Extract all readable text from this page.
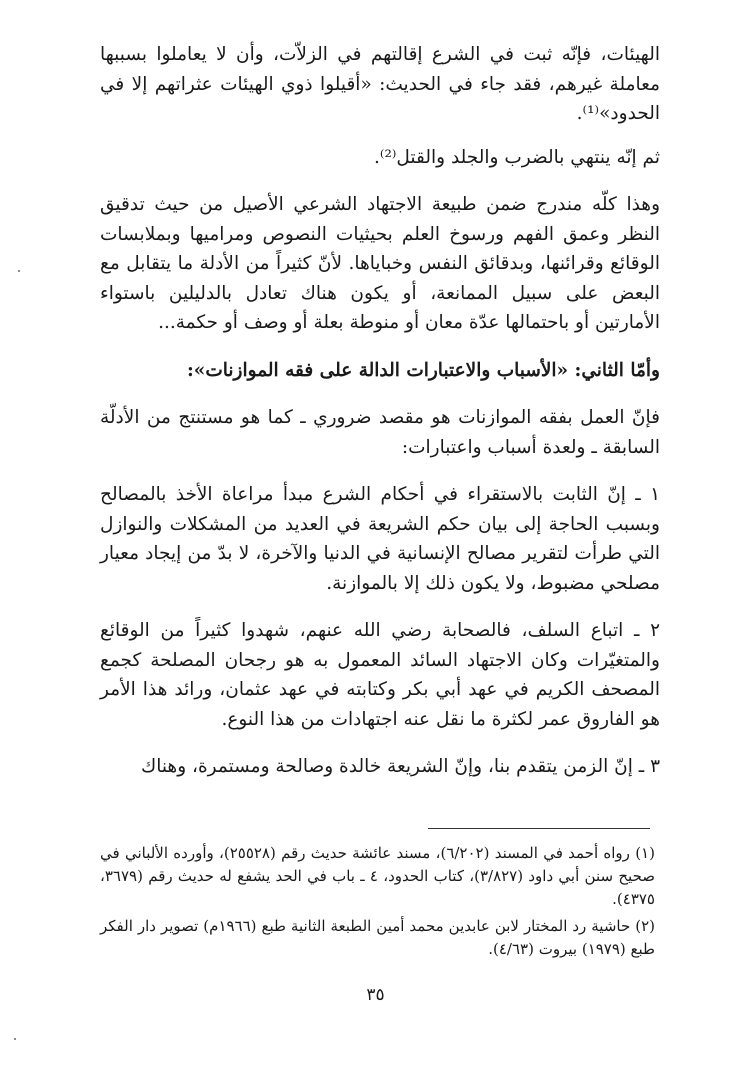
الهيئات، فإنّه ثبت في الشرع إقالتهم في الزلاّت، وأن لا يعاملوا بسببها معاملة غيرهم، فقد جاء في الحديث: «أقيلوا ذوي الهيئات عثراتهم إلا في الحدود»⁽¹⁾.

ثم إنّه ينتهي بالضرب والجلد والقتل⁽²⁾.

وهذا كلّه مندرج ضمن طبيعة الاجتهاد الشرعي الأصيل من حيث تدقيق النظر وعمق الفهم ورسوخ العلم بحيثيات النصوص ومراميها وبملابسات الوقائع وقرائنها، وبدقائق النفس وخباياها. لأنّ كثيراً من الأدلة ما يتقابل مع البعض على سبيل الممانعة، أو يكون هناك تعادل بالدليلين باستواء الأمارتين أو باحتمالها عدّة معان أو منوطة بعلة أو وصف أو حكمة...

وأمّا الثاني: «الأسباب والاعتبارات الدالة على فقه الموازنات»:

فإنّ العمل بفقه الموازنات هو مقصد ضروري ـ كما هو مستنتج من الأدلّة السابقة ـ ولعدة أسباب واعتبارات:

١ ـ إنّ الثابت بالاستقراء في أحكام الشرع مبدأ مراعاة الأخذ بالمصالح وبسبب الحاجة إلى بيان حكم الشريعة في العديد من المشكلات والنوازل التي طرأت لتقرير مصالح الإنسانية في الدنيا والآخرة، لا بدّ من إيجاد معيار مصلحي مضبوط، ولا يكون ذلك إلا بالموازنة.

٢ ـ اتباع السلف، فالصحابة رضي الله عنهم، شهدوا كثيراً من الوقائع والمتغيّرات وكان الاجتهاد السائد المعمول به هو رجحان المصلحة كجمع المصحف الكريم في عهد أبي بكر وكتابته في عهد عثمان، ورائد هذا الأمر هو الفاروق عمر لكثرة ما نقل عنه اجتهادات من هذا النوع.

٣ ـ إنّ الزمن يتقدم بنا، وإنّ الشريعة خالدة وصالحة ومستمرة، وهناك

(١) رواه أحمد في المسند (٦/٢٠٢)، مسند عائشة حديث رقم (٢٥٥٢٨)، وأورده الألباني في صحيح سنن أبي داود (٣/٨٢٧)، كتاب الحدود، ٤ ـ باب في الحد يشفع له حديث رقم (٣٦٧٩، ٤٣٧٥).

(٢) حاشية رد المختار لابن عابدين محمد أمين الطبعة الثانية طبع (١٩٦٦م) تصوير دار الفكر طبع (١٩٧٩) بيروت (٤/٦٣).

٣٥
